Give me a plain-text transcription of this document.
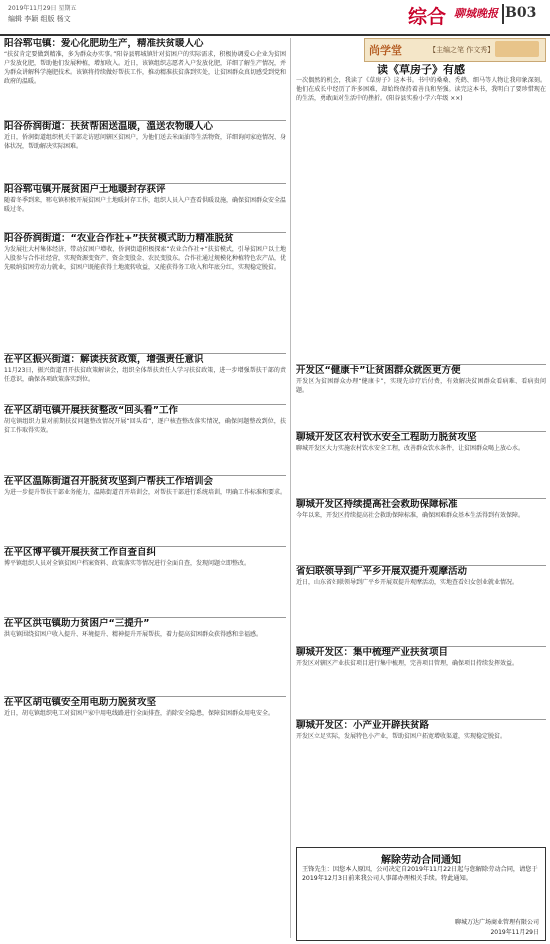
2019年11月29日 星期五
编辑 李颖 组版 杨文	综合 聊城晚报 B03

阳谷郓屯镇：爱心化肥助生产，精准扶贫暖人心

“扶贫肯定要做到精准，多为群众办实事。”阳谷县郓城镇针对贫困户的实际需求，积极协调爱心企业为贫困户发放化肥，帮助他们发展种植，增加收入。近日，该镇组织志愿者入户发放化肥，详细了解生产情况，并为群众讲解科学施肥技术。该镇将持续做好帮扶工作，推动精准扶贫落到实处，让贫困群众真切感受到党和政府的温暖。

阳谷侨润街道：扶贫帮困送温暖，溫送农物暖人心

近日，侨润街道组织机关干部走访慰问辖区贫困户，为他们送去米面油等生活物资，详细询问家庭情况、身体状况，帮助解决实际困难。

阳谷郓屯镇开展贫困户土地暖封存获评

随着冬季到来，郓屯镇积极开展贫困户土地暖封存工作，组织人员入户查看供暖设施，确保贫困群众安全温暖过冬。

阳谷侨润街道：“农业合作社+”扶贫模式助力精准脱贫

为发展壮大村集体经济，带动贫困户增收，侨润街道积极探索“农业合作社+”扶贫模式，引导贫困户以土地入股参与合作社经营，实现资源变资产、资金变股金、农民变股东。合作社通过规模化种植特色农产品，优先吸纳贫困劳动力就业，贫困户既能获得土地流转收益，又能获得务工收入和年底分红，实现稳定脱贫。

在平区振兴街道：解读扶贫政策，增强责任意识

11月23日，振兴街道召开扶贫政策解读会，组织全体帮扶责任人学习扶贫政策，进一步增强帮扶干部的责任意识，确保各项政策落实到位。

在平区胡屯镇开展扶贫整改“回头看”工作

胡屯镇组织力量对前期扶贫问题整改情况开展“回头看”，逐户核查整改落实情况，确保问题整改到位，扶贫工作取得实效。

在平区温陈街道召开脱贫攻坚到户帮扶工作培训会

为进一步提升帮扶干部业务能力，温陈街道召开培训会，对帮扶干部进行系统培训，明确工作标准和要求。

在平区博平镇开展扶贫工作自查自纠

博平镇组织人员对全镇贫困户档案资料、政策落实等情况进行全面自查，发现问题立即整改。

在平区洪屯镇助力贫困户“三提升”

洪屯镇围绕贫困户收入提升、环境提升、精神提升开展帮扶，着力提高贫困群众获得感和幸福感。

在平区胡屯镇安全用电助力脱贫攻坚

近日，胡屯镇组织电工对贫困户家中用电线路进行全面排查，消除安全隐患，保障贫困群众用电安全。

尚学堂	【主编之笔 作文秀】

读《草房子》有感

一次偶然的机会，我读了《草房子》这本书。书中的桑桑、秃鹤、细马等人物让我印象深刻。他们在成长中经历了许多困难，却始终保持着善良和坚强。读完这本书，我明白了要珍惜现在的生活，勇敢面对生活中的挫折。(阳谷县实验小学六年级 ××)

开发区“健康卡”让贫困群众就医更方便

开发区为贫困群众办理“健康卡”，实现先诊疗后付费，有效解决贫困群众看病难、看病贵问题。

聊城开发区农村饮水安全工程助力脱贫攻坚

聊城开发区大力实施农村饮水安全工程，改善群众饮水条件，让贫困群众喝上放心水。

聊城开发区持续提高社会救助保障标准

今年以来，开发区持续提高社会救助保障标准，确保困难群众基本生活得到有效保障。

省妇联领导到广平乡开展双提升观摩活动

近日，山东省妇联领导到广平乡开展双提升观摩活动，实地查看妇女创业就业情况。

聊城开发区：集中梳理产业扶贫项目

开发区对辖区产业扶贫项目进行集中梳理，完善项目管理，确保项目持续发挥效益。

聊城开发区：小产业开辟扶贫路

开发区立足实际，发展特色小产业，帮助贫困户拓宽增收渠道，实现稳定脱贫。

解除劳动合同通知
王锋先生：因您本人原因，公司决定自2019年11月22日起与您解除劳动合同，请您于2019年12月3日前来我公司人事部办理相关手续。特此通知。
聊城万达广场商业管理有限公司
2019年11月29日
